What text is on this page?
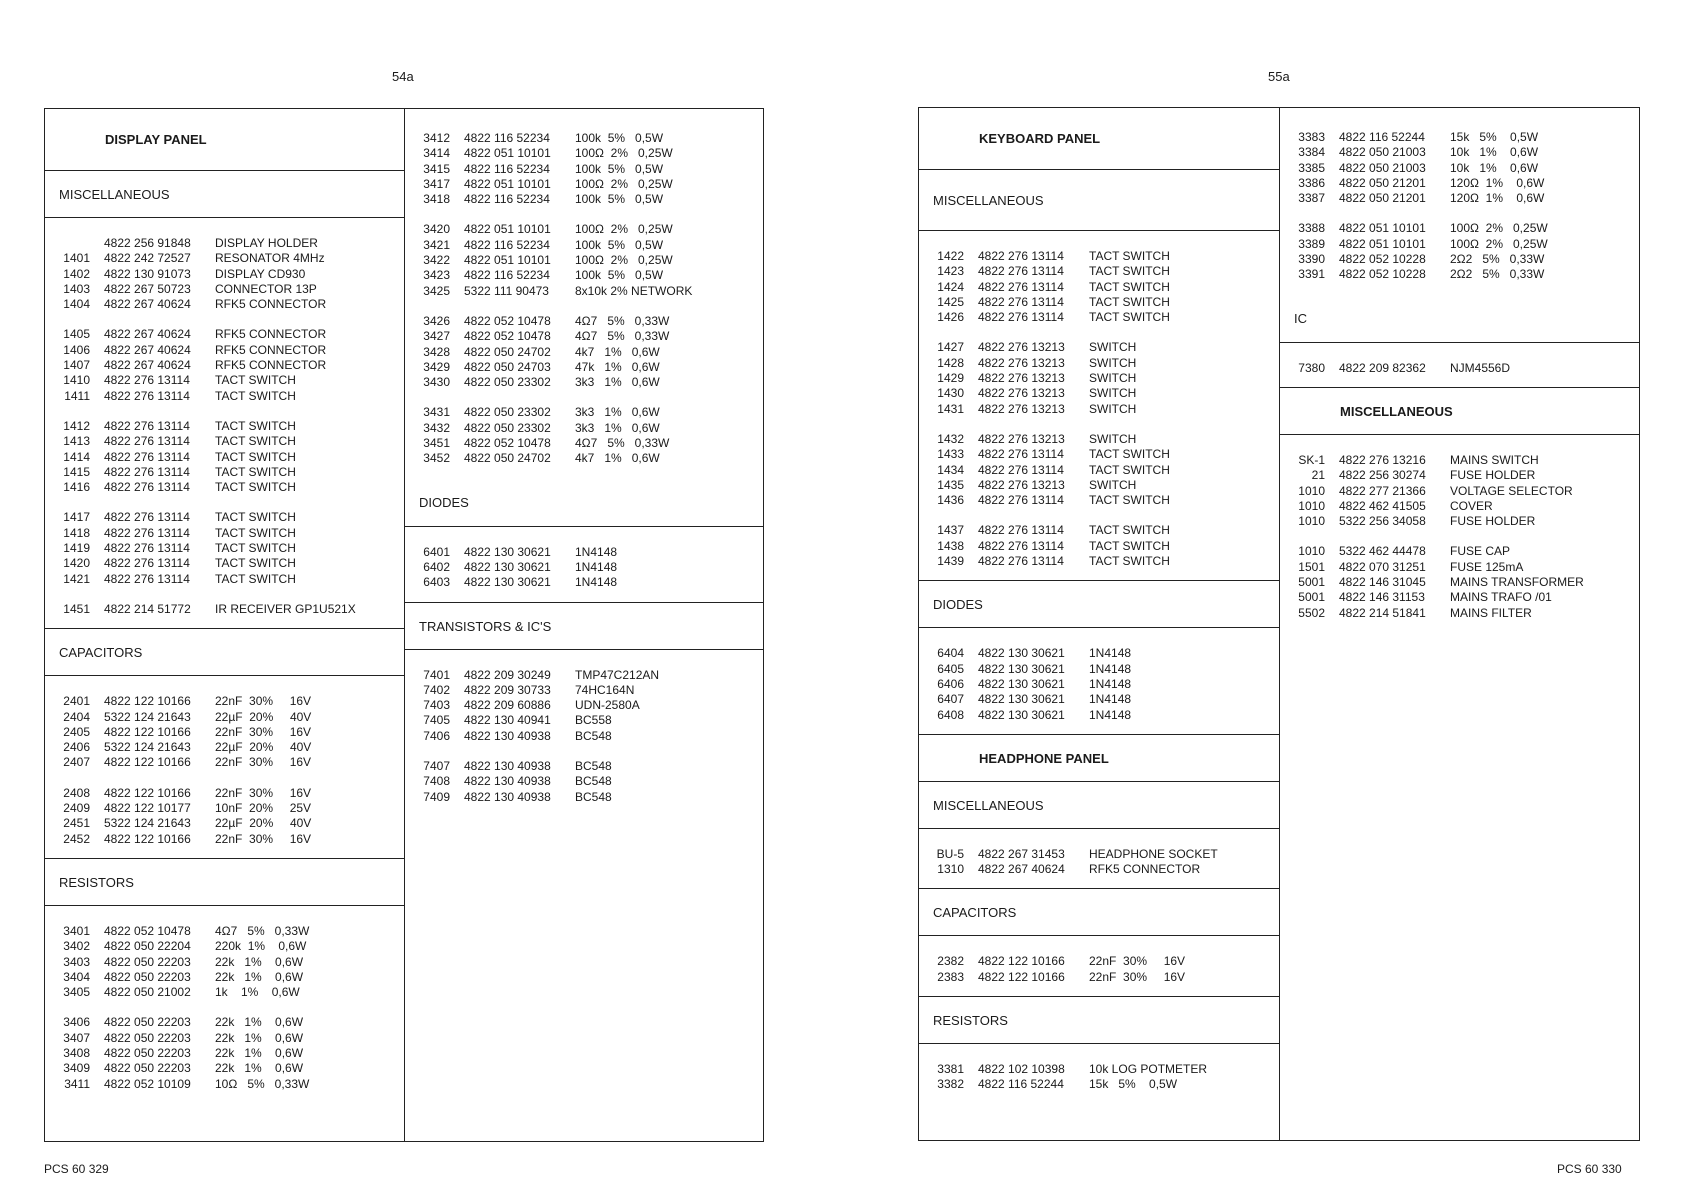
54a
DISPLAY PANEL
MISCELLANEOUS
4822 256 91848	DISPLAY HOLDER
1401	4822 242 72527	RESONATOR 4MHz
1402	4822 130 91073	DISPLAY CD930
1403	4822 267 50723	CONNECTOR 13P
1404	4822 267 40624	RFK5 CONNECTOR
1405	4822 267 40624	RFK5 CONNECTOR
1406	4822 267 40624	RFK5 CONNECTOR
1407	4822 267 40624	RFK5 CONNECTOR
1410	4822 276 13114	TACT SWITCH
1411	4822 276 13114	TACT SWITCH
1412	4822 276 13114	TACT SWITCH
1413	4822 276 13114	TACT SWITCH
1414	4822 276 13114	TACT SWITCH
1415	4822 276 13114	TACT SWITCH
1416	4822 276 13114	TACT SWITCH
1417	4822 276 13114	TACT SWITCH
1418	4822 276 13114	TACT SWITCH
1419	4822 276 13114	TACT SWITCH
1420	4822 276 13114	TACT SWITCH
1421	4822 276 13114	TACT SWITCH
1451	4822 214 51772	IR RECEIVER GP1U521X
CAPACITORS
2401	4822 122 10166	22nF  30%     16V
2404	5322 124 21643	22µF  20%     40V
2405	4822 122 10166	22nF  30%     16V
2406	5322 124 21643	22µF  20%     40V
2407	4822 122 10166	22nF  30%     16V
2408	4822 122 10166	22nF  30%     16V
2409	4822 122 10177	10nF  20%     25V
2451	5322 124 21643	22µF  20%     40V
2452	4822 122 10166	22nF  30%     16V
RESISTORS
3401	4822 052 10478	4Ω7   5%   0,33W
3402	4822 050 22204	220k  1%    0,6W
3403	4822 050 22203	22k   1%    0,6W
3404	4822 050 22203	22k   1%    0,6W
3405	4822 050 21002	1k    1%    0,6W
3406	4822 050 22203	22k   1%    0,6W
3407	4822 050 22203	22k   1%    0,6W
3408	4822 050 22203	22k   1%    0,6W
3409	4822 050 22203	22k   1%    0,6W
3411	4822 052 10109	10Ω   5%   0,33W
3412	4822 116 52234	100k  5%   0,5W
3414	4822 051 10101	100Ω  2%   0,25W
3415	4822 116 52234	100k  5%   0,5W
3417	4822 051 10101	100Ω  2%   0,25W
3418	4822 116 52234	100k  5%   0,5W
3420	4822 051 10101	100Ω  2%   0,25W
3421	4822 116 52234	100k  5%   0,5W
3422	4822 051 10101	100Ω  2%   0,25W
3423	4822 116 52234	100k  5%   0,5W
3425	5322 111 90473	8x10k 2% NETWORK
3426	4822 052 10478	4Ω7   5%   0,33W
3427	4822 052 10478	4Ω7   5%   0,33W
3428	4822 050 24702	4k7   1%   0,6W
3429	4822 050 24703	47k   1%   0,6W
3430	4822 050 23302	3k3   1%   0,6W
3431	4822 050 23302	3k3   1%   0,6W
3432	4822 050 23302	3k3   1%   0,6W
3451	4822 052 10478	4Ω7   5%   0,33W
3452	4822 050 24702	4k7   1%   0,6W
DIODES
6401	4822 130 30621	1N4148
6402	4822 130 30621	1N4148
6403	4822 130 30621	1N4148
TRANSISTORS & IC'S
7401	4822 209 30249	TMP47C212AN
7402	4822 209 30733	74HC164N
7403	4822 209 60886	UDN-2580A
7405	4822 130 40941	BC558
7406	4822 130 40938	BC548
7407	4822 130 40938	BC548
7408	4822 130 40938	BC548
7409	4822 130 40938	BC548
PCS 60 329
55a
KEYBOARD PANEL
MISCELLANEOUS
1422	4822 276 13114	TACT SWITCH
1423	4822 276 13114	TACT SWITCH
1424	4822 276 13114	TACT SWITCH
1425	4822 276 13114	TACT SWITCH
1426	4822 276 13114	TACT SWITCH
1427	4822 276 13213	SWITCH
1428	4822 276 13213	SWITCH
1429	4822 276 13213	SWITCH
1430	4822 276 13213	SWITCH
1431	4822 276 13213	SWITCH
1432	4822 276 13213	SWITCH
1433	4822 276 13114	TACT SWITCH
1434	4822 276 13114	TACT SWITCH
1435	4822 276 13213	SWITCH
1436	4822 276 13114	TACT SWITCH
1437	4822 276 13114	TACT SWITCH
1438	4822 276 13114	TACT SWITCH
1439	4822 276 13114	TACT SWITCH
DIODES
6404	4822 130 30621	1N4148
6405	4822 130 30621	1N4148
6406	4822 130 30621	1N4148
6407	4822 130 30621	1N4148
6408	4822 130 30621	1N4148
HEADPHONE PANEL
MISCELLANEOUS
BU-5	4822 267 31453	HEADPHONE SOCKET
1310	4822 267 40624	RFK5 CONNECTOR
CAPACITORS
2382	4822 122 10166	22nF  30%     16V
2383	4822 122 10166	22nF  30%     16V
RESISTORS
3381	4822 102 10398	10k LOG POTMETER
3382	4822 116 52244	15k   5%    0,5W
3383	4822 116 52244	15k   5%    0,5W
3384	4822 050 21003	10k   1%    0,6W
3385	4822 050 21003	10k   1%    0,6W
3386	4822 050 21201	120Ω  1%    0,6W
3387	4822 050 21201	120Ω  1%    0,6W
3388	4822 051 10101	100Ω  2%   0,25W
3389	4822 051 10101	100Ω  2%   0,25W
3390	4822 052 10228	2Ω2   5%   0,33W
3391	4822 052 10228	2Ω2   5%   0,33W
IC
7380	4822 209 82362	NJM4556D
MISCELLANEOUS
SK-1	4822 276 13216	MAINS SWITCH
21	4822 256 30274	FUSE HOLDER
1010	4822 277 21366	VOLTAGE SELECTOR
1010	4822 462 41505	COVER
1010	5322 256 34058	FUSE HOLDER
1010	5322 462 44478	FUSE CAP
1501	4822 070 31251	FUSE 125mA
5001	4822 146 31045	MAINS TRANSFORMER
5001	4822 146 31153	MAINS TRAFO /01
5502	4822 214 51841	MAINS FILTER
PCS 60 330
